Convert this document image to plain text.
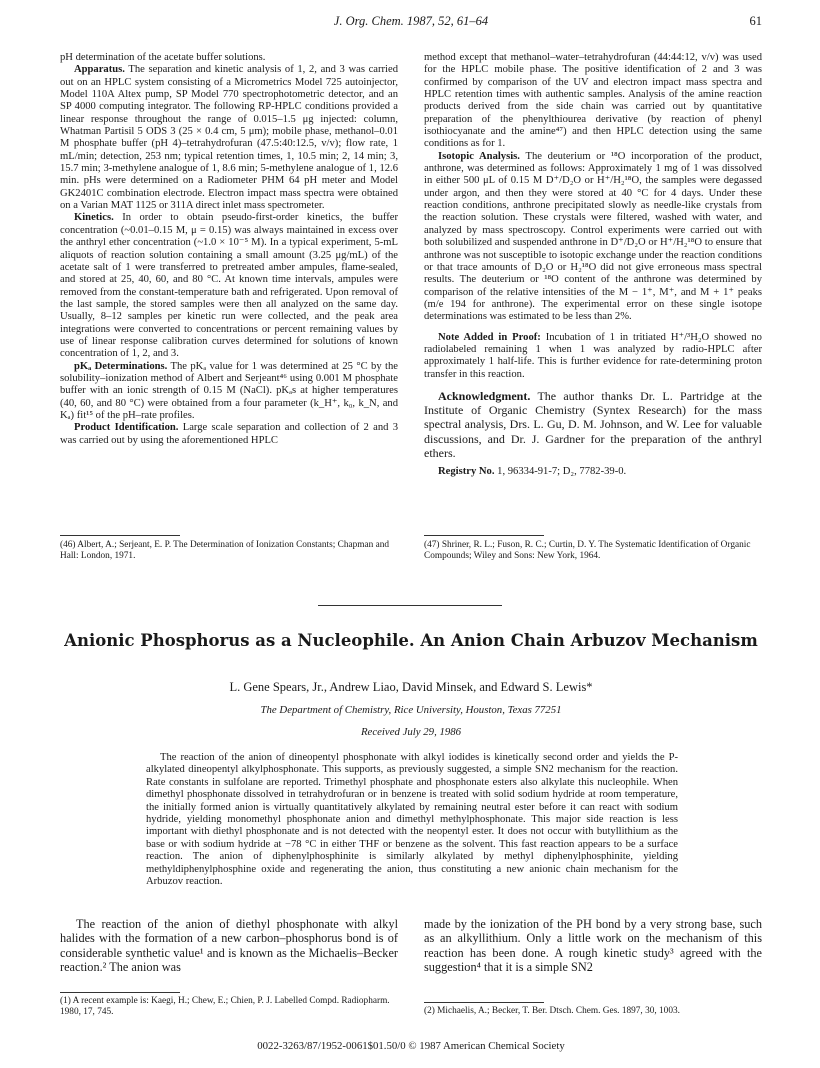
J. Org. Chem. 1987, 52, 61–64	61

pH determination of the acetate buffer solutions.

Apparatus. The separation and kinetic analysis of 1, 2, and 3 was carried out on an HPLC system consisting of a Micrometrics Model 725 autoinjector, Model 110A Altex pump, SP Model 770 spectrophotometric detector, and an SP 4000 computing integrator. The following RP-HPLC conditions provided a linear response throughout the range of 0.015–1.5 μg injected: column, Whatman Partisil 5 ODS 3 (25 × 0.4 cm, 5 μm); mobile phase, methanol–0.01 M phosphate buffer (pH 4)–tetrahydrofuran (47.5:40:12.5, v/v); flow rate, 1 mL/min; detection, 253 nm; typical retention times, 1, 10.5 min; 2, 14 min; 3, 15.7 min; 3-methylene analogue of 1, 8.6 min; 5-methylene analogue of 1, 12.6 min. pHs were determined on a Radiometer PHM 64 pH meter and Model GK2401C combination electrode. Electron impact mass spectra were obtained on a Varian MAT 1125 or 311A direct inlet mass spectrometer.

Kinetics. In order to obtain pseudo-first-order kinetics, the buffer concentration (~0.01–0.15 M, μ = 0.15) was always maintained in excess over the anthryl ether concentration (~1.0 × 10⁻⁵ M). In a typical experiment, 5-mL aliquots of reaction solution containing a small amount (3.25 μg/mL) of the acetate salt of 1 were transferred to pretreated amber ampules, flame-sealed, and stored at 25, 40, 60, and 80 °C. At known time intervals, ampules were removed from the constant-temperature bath and refrigerated. Upon removal of the last sample, the stored samples were then all analyzed on the same day. Usually, 8–12 samples per kinetic run were collected, and the peak area integrations were converted to concentrations or percent remaining values by use of linear response calibration curves determined for solutions of known concentration of 1, 2, and 3.

pKₐ Determinations. The pKₐ value for 1 was determined at 25 °C by the solubility–ionization method of Albert and Serjeant⁴⁶ using 0.001 M phosphate buffer with an ionic strength of 0.15 M (NaCl). pKₐs at higher temperatures (40, 60, and 80 °C) were obtained from a four parameter (k_H⁺, k₀, k_N, and Kₐ) fit¹⁵ of the pH–rate profiles.

Product Identification. Large scale separation and collection of 2 and 3 was carried out by using the aforementioned HPLC

method except that methanol–water–tetrahydrofuran (44:44:12, v/v) was used for the HPLC mobile phase. The positive identification of 2 and 3 was confirmed by comparison of the UV and electron impact mass spectra and HPLC retention times with authentic samples. Analysis of the amine reaction products derived from the side chain was carried out by quantitative preparation of the phenylthiourea derivative (by reaction of phenyl isothiocyanate and the amine⁴⁷) and then HPLC detection using the same conditions as for 1.

Isotopic Analysis. The deuterium or ¹⁸O incorporation of the product, anthrone, was determined as follows: Approximately 1 mg of 1 was dissolved in either 500 μL of 0.15 M D⁺/D₂O or H⁺/H₂¹⁸O, the samples were degassed under argon, and then they were stored at 40 °C for 4 days. Under these reaction conditions, anthrone precipitated slowly as needle-like crystals from the reaction solution. These crystals were filtered, washed with water, and analyzed by mass spectroscopy. Control experiments were carried out with both solubilized and suspended anthrone in D⁺/D₂O or H⁺/H₂¹⁸O to ensure that anthrone was not susceptible to isotopic exchange under the reaction conditions or that trace amounts of D₂O or H₂¹⁸O did not give erroneous mass spectral results. The deuterium or ¹⁸O content of the anthrone was determined by comparison of the relative intensities of the M − 1⁺, M⁺, and M + 1⁺ peaks (m/e 194 for anthrone). The experimental error on these single isotope determinations was estimated to be less than 2%.

Note Added in Proof: Incubation of 1 in tritiated H⁺/³H₂O showed no radiolabeled remaining 1 when 1 was analyzed by radio-HPLC after approximately 1 half-life. This is further evidence for rate-determining proton transfer in this reaction.

Acknowledgment. The author thanks Dr. L. Partridge at the Institute of Organic Chemistry (Syntex Research) for the mass spectral analysis, Drs. L. Gu, D. M. Johnson, and W. Lee for valuable discussions, and Dr. J. Gardner for the preparation of the anthryl ethers.

Registry No. 1, 96334-91-7; D₂, 7782-39-0.

(46) Albert, A.; Serjeant, E. P. The Determination of Ionization Constants; Chapman and Hall: London, 1971.
(47) Shriner, R. L.; Fuson, R. C.; Curtin, D. Y. The Systematic Identification of Organic Compounds; Wiley and Sons: New York, 1964.
Anionic Phosphorus as a Nucleophile. An Anion Chain Arbuzov Mechanism
L. Gene Spears, Jr., Andrew Liao, David Minsek, and Edward S. Lewis*
The Department of Chemistry, Rice University, Houston, Texas 77251
Received July 29, 1986
The reaction of the anion of dineopentyl phosphonate with alkyl iodides is kinetically second order and yields the P-alkylated dineopentyl alkylphosphonate. This supports, as previously suggested, a simple SN2 mechanism for the reaction. Rate constants in sulfolane are reported. Trimethyl phosphate and phosphonate esters also alkylate this nucleophile. When dimethyl phosphonate dissolved in tetrahydrofuran or in benzene is treated with solid sodium hydride at room temperature, the initially formed anion is virtually quantitatively alkylated by remaining neutral ester before it can react with sodium hydride, yielding monomethyl phosphonate anion and dimethyl methylphosphonate. This major side reaction is less important with diethyl phosphonate and is not detected with the neopentyl ester. It does not occur with butyllithium as the base or with sodium hydride at −78 °C in either THF or benzene as the solvent. This fast reaction appears to be a surface reaction. The anion of diphenylphosphinite is similarly alkylated by methyl diphenylphosphinite, yielding methyldiphenylphosphine oxide and regenerating the anion, thus constituting a new anionic chain mechanism for the Arbuzov reaction.
The reaction of the anion of diethyl phosphonate with alkyl halides with the formation of a new carbon–phosphorus bond is of considerable synthetic value¹ and is known as the Michaelis–Becker reaction.² The anion was
made by the ionization of the PH bond by a very strong base, such as an alkyllithium. Only a little work on the mechanism of this reaction has been done. A rough kinetic study³ agreed with the suggestion⁴ that it is a simple SN2
(1) A recent example is: Kaegi, H.; Chew, E.; Chien, P. J. Labelled Compd. Radiopharm. 1980, 17, 745.	(2) Michaelis, A.; Becker, T. Ber. Dtsch. Chem. Ges. 1897, 30, 1003.
0022-3263/87/1952-0061$01.50/0 © 1987 American Chemical Society
